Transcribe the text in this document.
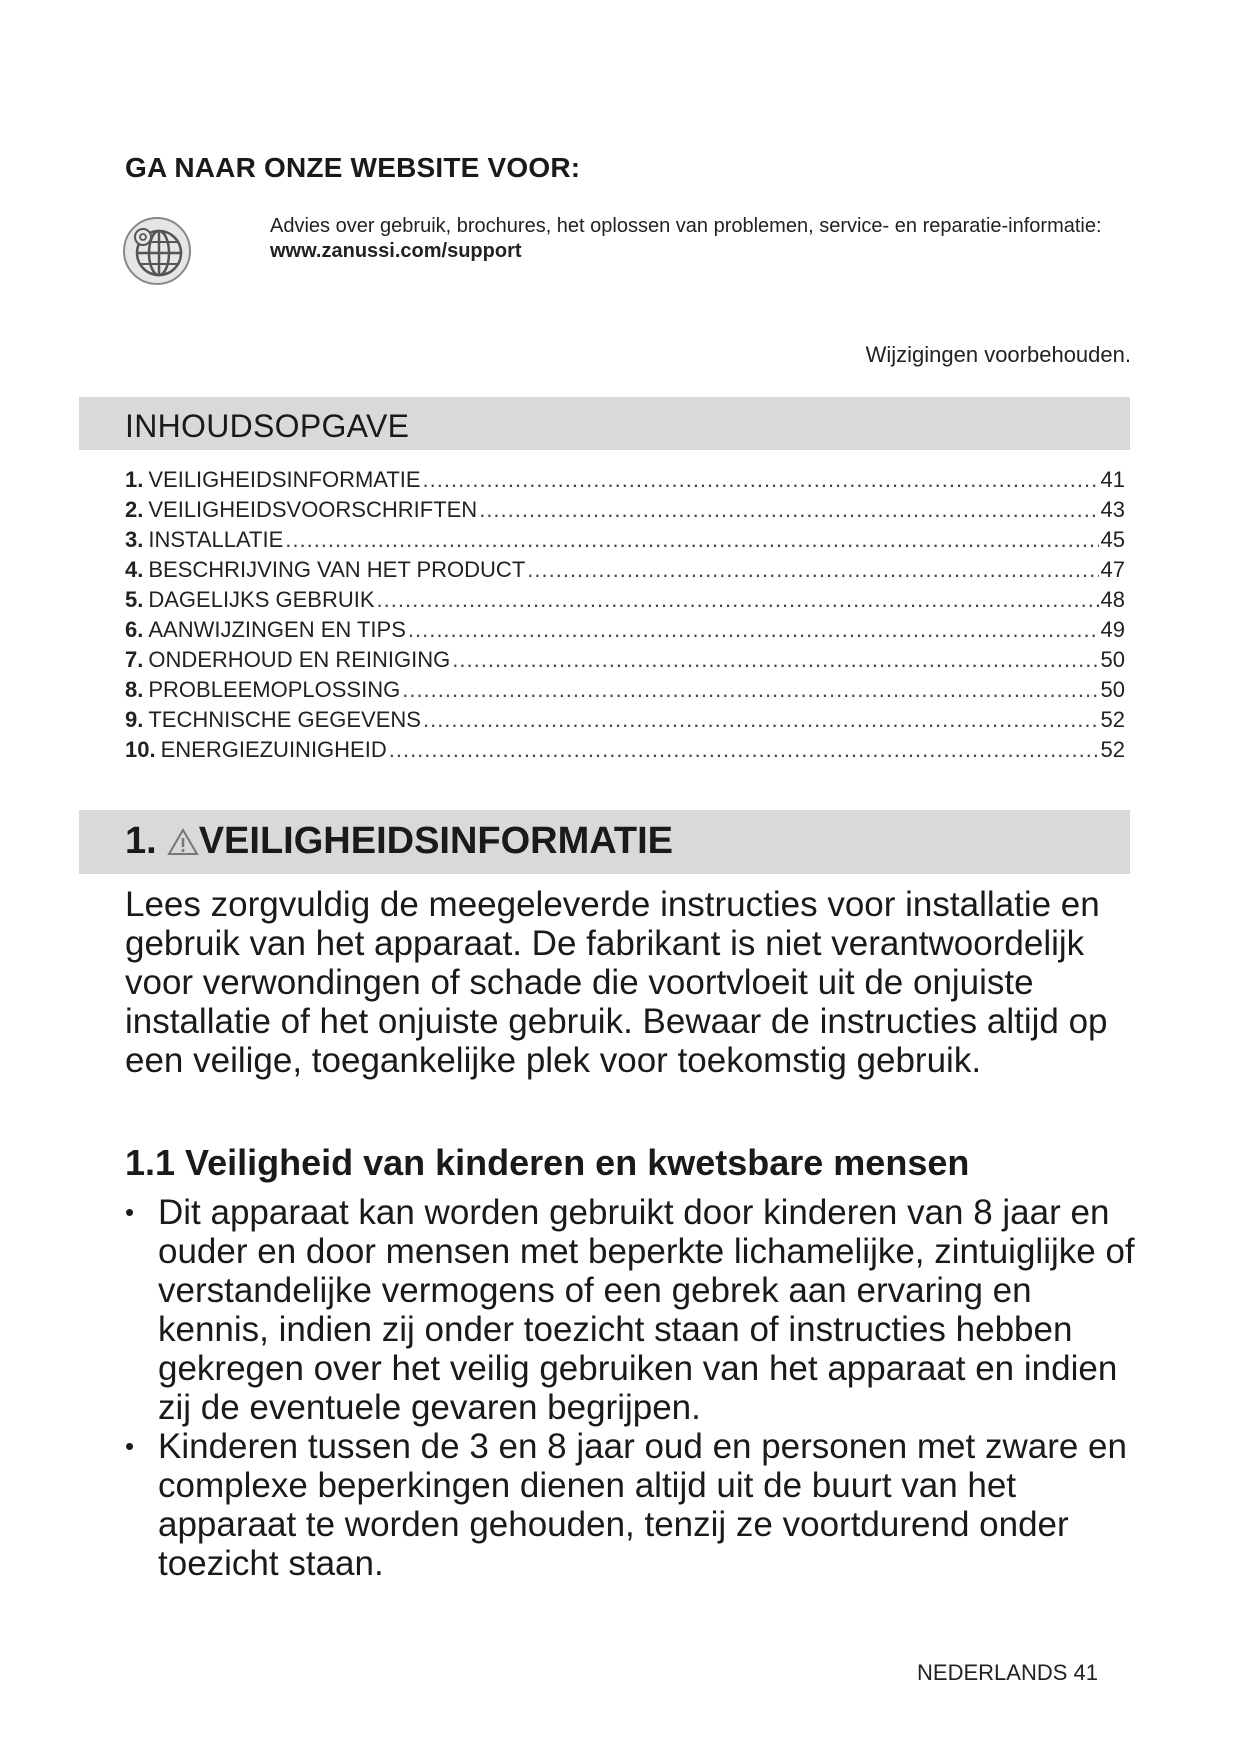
GA NAAR ONZE WEBSITE VOOR:
Advies over gebruik, brochures, het oplossen van problemen, service- en reparatie-informatie:
www.zanussi.com/support
Wijzigingen voorbehouden.
INHOUDSOPGAVE
1. VEILIGHEIDSINFORMATIE .....	41
2. VEILIGHEIDSVOORSCHRIFTEN .....	43
3. INSTALLATIE .....	45
4. BESCHRIJVING VAN HET PRODUCT .....	47
5. DAGELIJKS GEBRUIK .....	48
6. AANWIJZINGEN EN TIPS .....	49
7. ONDERHOUD EN REINIGING .....	50
8. PROBLEEMOPLOSSING .....	50
9. TECHNISCHE GEGEVENS .....	52
10. ENERGIEZUINIGHEID .....	52
1. VEILIGHEIDSINFORMATIE
Lees zorgvuldig de meegeleverde instructies voor installatie en gebruik van het apparaat. De fabrikant is niet verantwoordelijk voor verwondingen of schade die voortvloeit uit de onjuiste installatie of het onjuiste gebruik. Bewaar de instructies altijd op een veilige, toegankelijke plek voor toekomstig gebruik.
1.1 Veiligheid van kinderen en kwetsbare mensen
• Dit apparaat kan worden gebruikt door kinderen van 8 jaar en ouder en door mensen met beperkte lichamelijke, zintuiglijke of verstandelijke vermogens of een gebrek aan ervaring en kennis, indien zij onder toezicht staan of instructies hebben gekregen over het veilig gebruiken van het apparaat en indien zij de eventuele gevaren begrijpen.
• Kinderen tussen de 3 en 8 jaar oud en personen met zware en complexe beperkingen dienen altijd uit de buurt van het apparaat te worden gehouden, tenzij ze voortdurend onder toezicht staan.
NEDERLANDS 41
